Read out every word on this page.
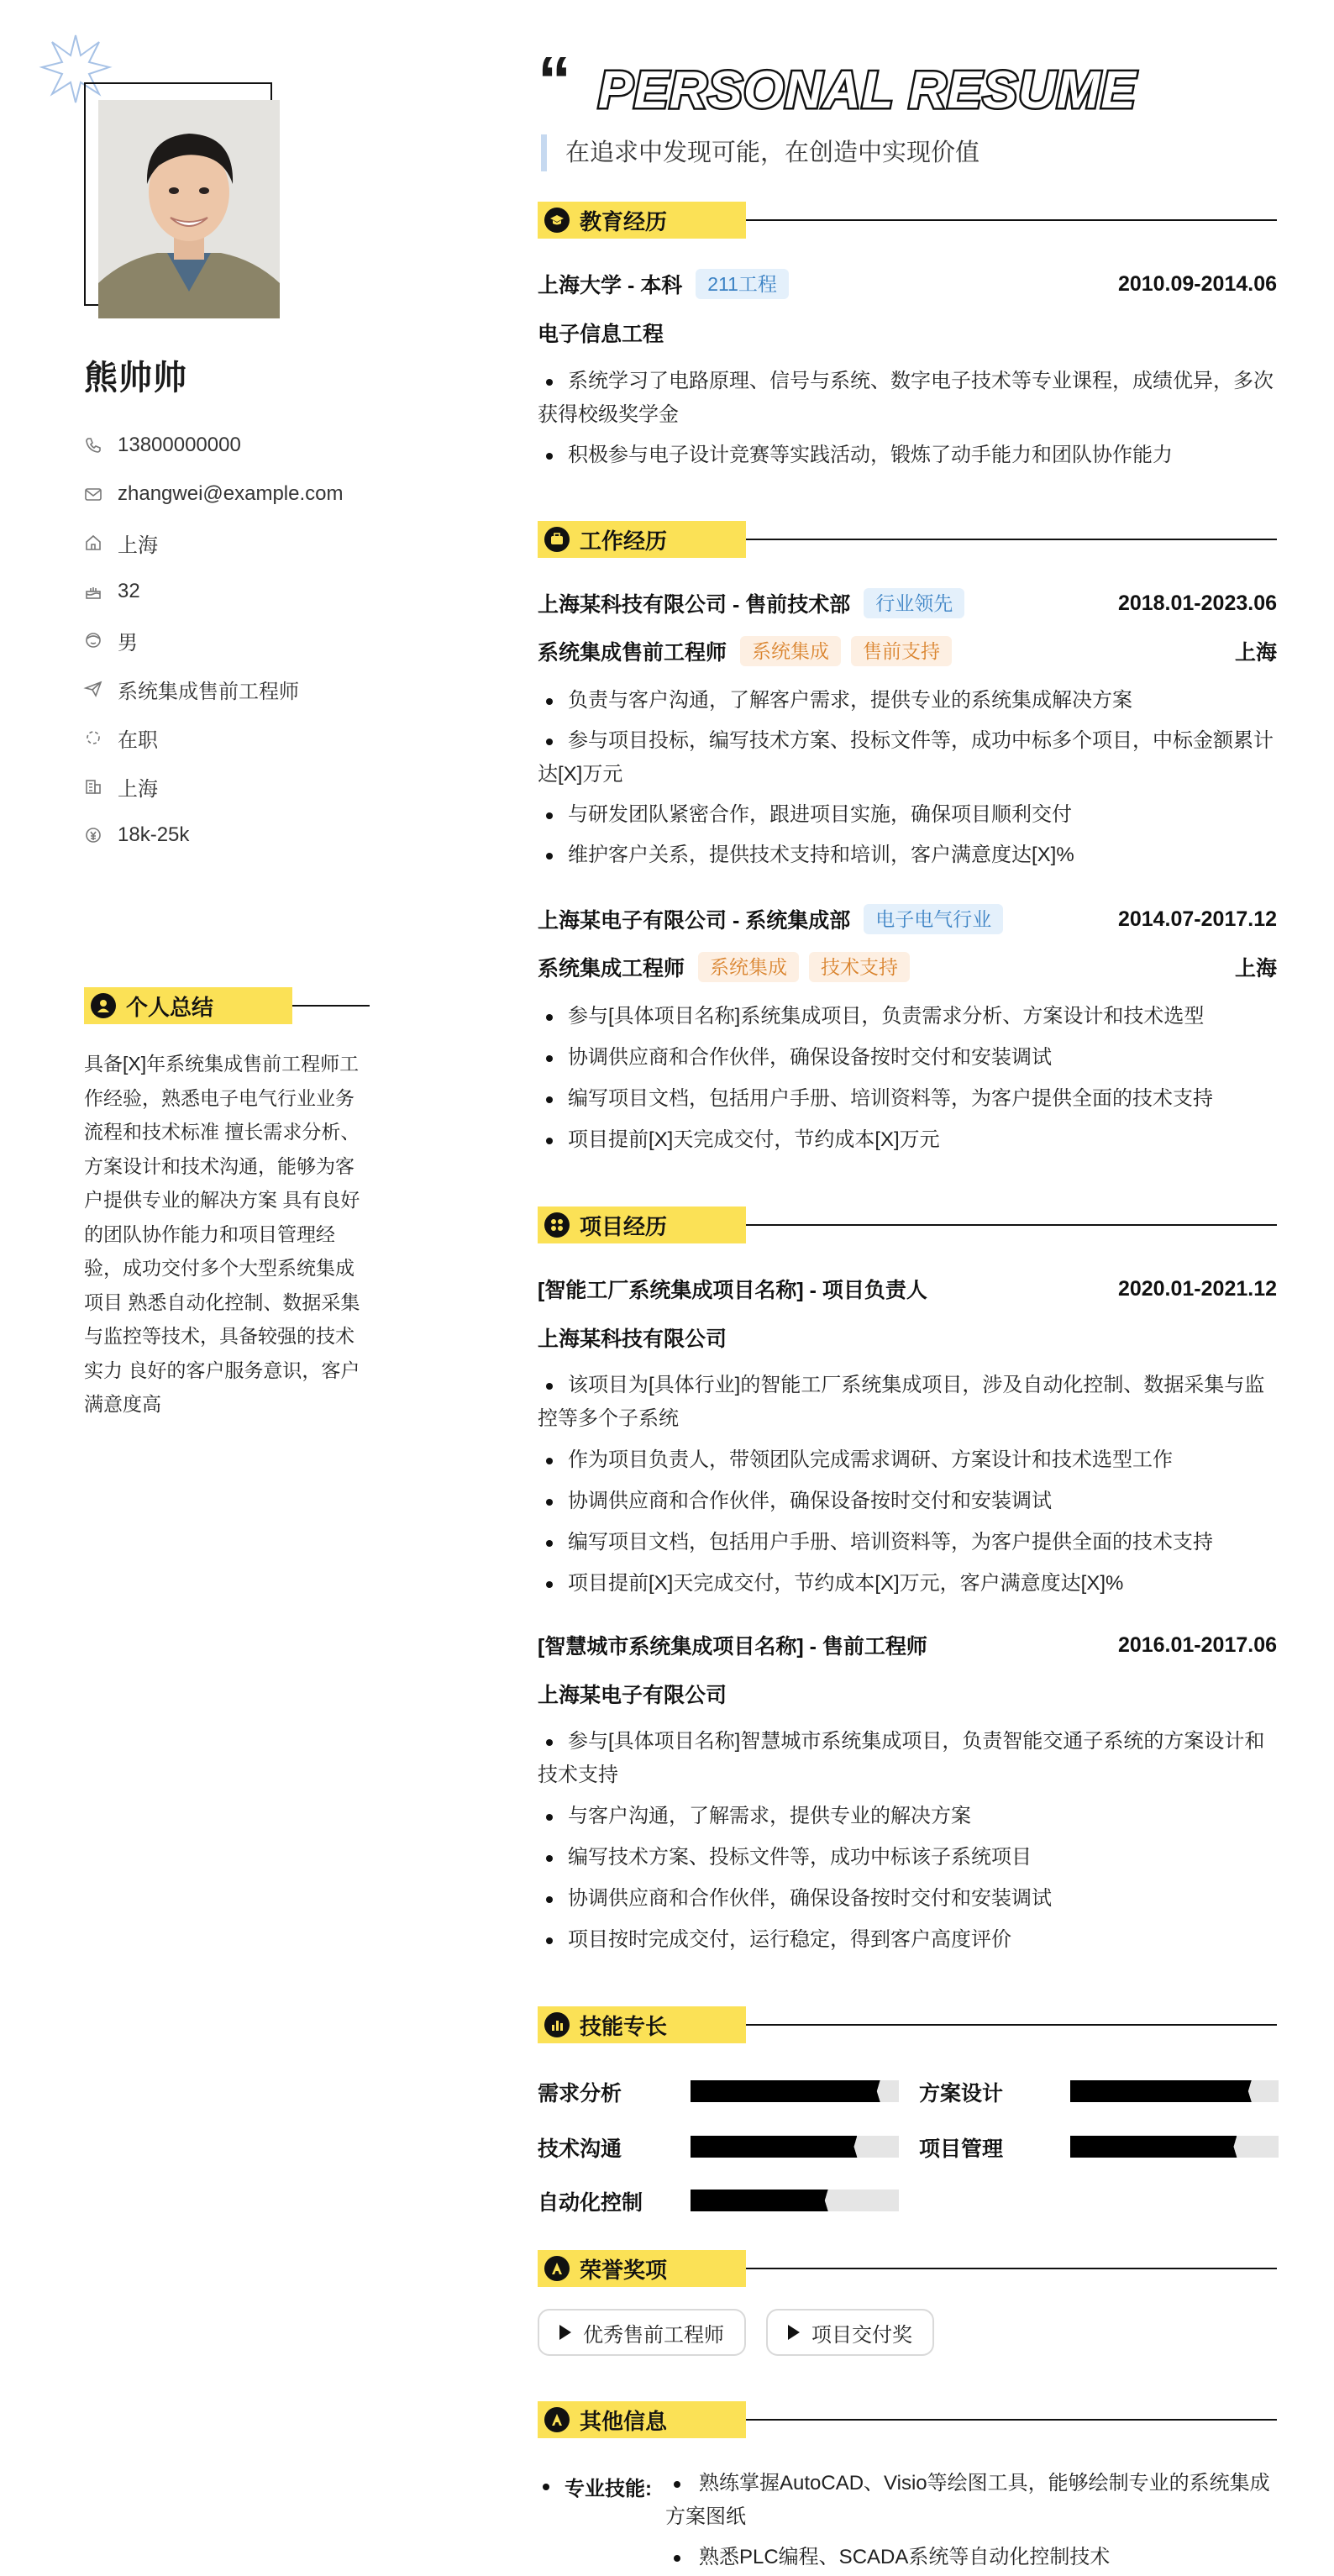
熊帅帅
13800000000
zhangwei@example.com
上海
32
男
系统集成售前工程师
在职
上海
18k-25k
个人总结
具备[X]年系统集成售前工程师工作经验，熟悉电子电气行业业务流程和技术标准 擅长需求分析、方案设计和技术沟通，能够为客户提供专业的解决方案 具有良好的团队协作能力和项目管理经验，成功交付多个大型系统集成项目 熟悉自动化控制、数据采集与监控等技术，具备较强的技术实力 良好的客户服务意识，客户满意度高
“ PERSONAL RESUME
在追求中发现可能，在创造中实现价值
教育经历
上海大学 - 本科	211工程	2010.09-2014.06
电子信息工程
系统学习了电路原理、信号与系统、数字电子技术等专业课程，成绩优异，多次获得校级奖学金
积极参与电子设计竞赛等实践活动，锻炼了动手能力和团队协作能力
工作经历
上海某科技有限公司 - 售前技术部	行业领先	2018.01-2023.06
系统集成售前工程师	系统集成	售前支持	上海
负责与客户沟通，了解客户需求，提供专业的系统集成解决方案
参与项目投标，编写技术方案、投标文件等，成功中标多个项目，中标金额累计达[X]万元
与研发团队紧密合作，跟进项目实施，确保项目顺利交付
维护客户关系，提供技术支持和培训，客户满意度达[X]%
上海某电子有限公司 - 系统集成部	电子电气行业	2014.07-2017.12
系统集成工程师	系统集成	技术支持	上海
参与[具体项目名称]系统集成项目，负责需求分析、方案设计和技术选型
协调供应商和合作伙伴，确保设备按时交付和安装调试
编写项目文档，包括用户手册、培训资料等，为客户提供全面的技术支持
项目提前[X]天完成交付，节约成本[X]万元
项目经历
[智能工厂系统集成项目名称] - 项目负责人	2020.01-2021.12
上海某科技有限公司
该项目为[具体行业]的智能工厂系统集成项目，涉及自动化控制、数据采集与监控等多个子系统
作为项目负责人，带领团队完成需求调研、方案设计和技术选型工作
协调供应商和合作伙伴，确保设备按时交付和安装调试
编写项目文档，包括用户手册、培训资料等，为客户提供全面的技术支持
项目提前[X]天完成交付，节约成本[X]万元，客户满意度达[X]%
[智慧城市系统集成项目名称] - 售前工程师	2016.01-2017.06
上海某电子有限公司
参与[具体项目名称]智慧城市系统集成项目，负责智能交通子系统的方案设计和技术支持
与客户沟通，了解需求，提供专业的解决方案
编写技术方案、投标文件等，成功中标该子系统项目
协调供应商和合作伙伴，确保设备按时交付和安装调试
项目按时完成交付，运行稳定，得到客户高度评价
技能专长
需求分析	方案设计
技术沟通	项目管理
自动化控制
荣誉奖项
优秀售前工程师	项目交付奖
其他信息
专业技能:	熟练掌握AutoCAD、Visio等绘图工具，能够绘制专业的系统集成方案图纸
熟悉PLC编程、SCADA系统等自动化控制技术
